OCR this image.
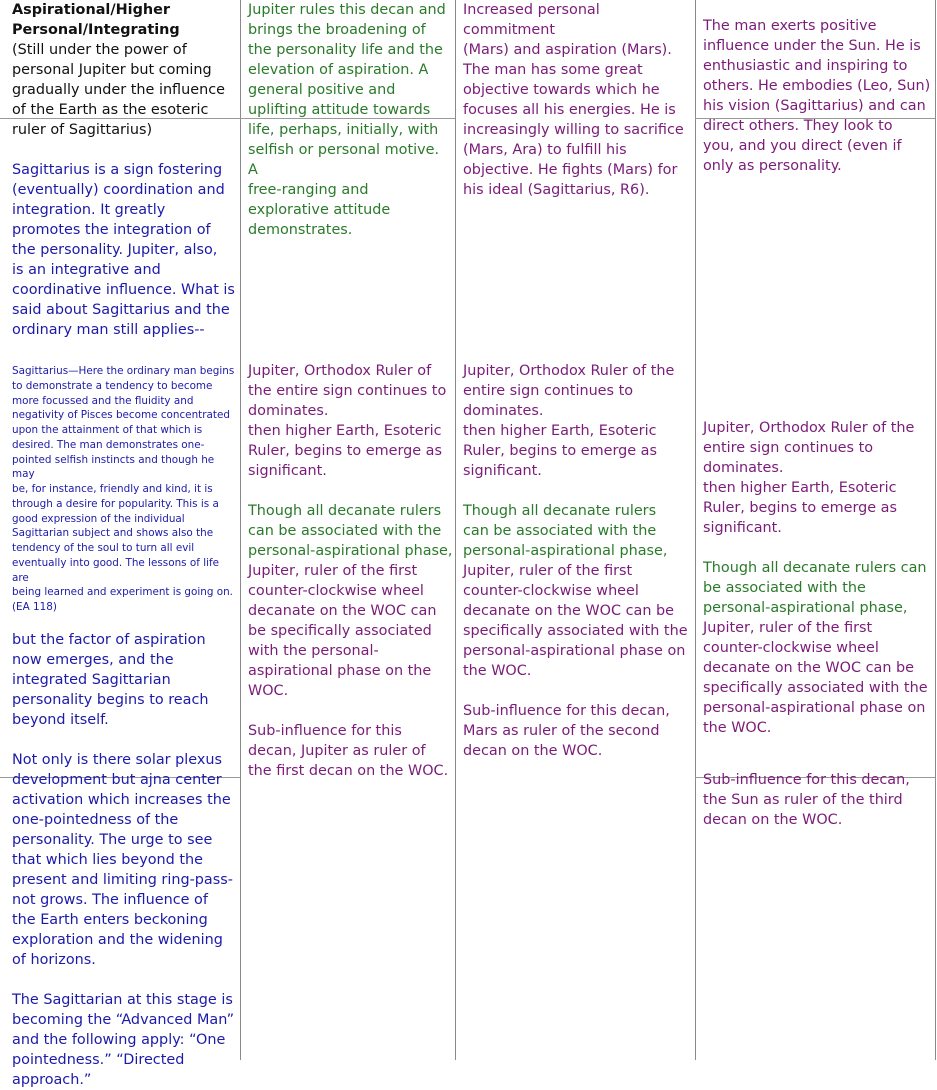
Aspirational/Higher
Personal/Integrating

(Still under the power of
personal Jupiter but coming
gradually under the influence
of the Earth as the esoteric
ruler of Sagittarius)

Sagittarius is a sign fostering
(eventually) coordination and
integration. It greatly
promotes the integration of
the personality. Jupiter, also,
is an integrative and
coordinative influence. What is
said about Sagittarius and the
ordinary man still applies--

Sagittarius—Here the ordinary man begins
to demonstrate a tendency to become
more focussed and the fluidity and
negativity of Pisces become concentrated
upon the attainment of that which is
desired. The man demonstrates one-
pointed selfish instincts and though he may
be, for instance, friendly and kind, it is
through a desire for popularity. This is a
good expression of the individual
Sagittarian subject and shows also the
tendency of the soul to turn all evil
eventually into good. The lessons of life are
being learned and experiment is going on.
(EA 118)

but the factor of aspiration
now emerges, and the
integrated Sagittarian
personality begins to reach
beyond itself.

Not only is there solar plexus
development but ajna center
activation which increases the
one-pointedness of the
personality. The urge to see
that which lies beyond the
present and limiting ring-pass-
not grows. The influence of
the Earth enters beckoning
exploration and the widening
of horizons.

The Sagittarian at this stage is
becoming the “Advanced Man”
and the following apply: “One
pointedness.” “Directed
approach.”

Jupiter rules this decan and
brings the broadening of
the personality life and the
elevation of aspiration. A
general positive and
uplifting attitude towards
life, perhaps, initially, with
selfish or personal motive. A
free-ranging and
explorative attitude
demonstrates.

Jupiter, Orthodox Ruler of
the entire sign continues to
dominates.
then higher Earth, Esoteric
Ruler, begins to emerge as
significant.

Though all decanate rulers
can be associated with the
personal-aspirational phase,

Jupiter, ruler of the first
counter-clockwise wheel
decanate on the WOC can
be specifically associated
with the personal-
aspirational phase on the
WOC.

Sub-influence for this
decan, Jupiter as ruler of
the first decan on the WOC.

Increased personal commitment
(Mars) and aspiration (Mars).
The man has some great
objective towards which he
focuses all his energies. He is
increasingly willing to sacrifice
(Mars, Ara) to fulfill his
objective. He fights (Mars) for
his ideal (Sagittarius, R6).

Jupiter, Orthodox Ruler of the
entire sign continues to
dominates.
then higher Earth, Esoteric
Ruler, begins to emerge as
significant.

Though all decanate rulers
can be associated with the
personal-aspirational phase,

Jupiter, ruler of the first
counter-clockwise wheel
decanate on the WOC can be
specifically associated with the
personal-aspirational phase on
the WOC.

Sub-influence for this decan,
Mars as ruler of the second
decan on the WOC.

The man exerts positive
influence under the Sun. He is
enthusiastic and inspiring to
others. He embodies (Leo, Sun)
his vision (Sagittarius) and can
direct others. They look to
you, and you direct (even if
only as personality.

Jupiter, Orthodox Ruler of the
entire sign continues to
dominates.
then higher Earth, Esoteric
Ruler, begins to emerge as
significant.

Though all decanate rulers can
be associated with the
personal-aspirational phase,

Jupiter, ruler of the first
counter-clockwise wheel
decanate on the WOC can be
specifically associated with the
personal-aspirational phase on
the WOC.

Sub-influence for this decan,
the Sun as ruler of the third
decan on the WOC.
